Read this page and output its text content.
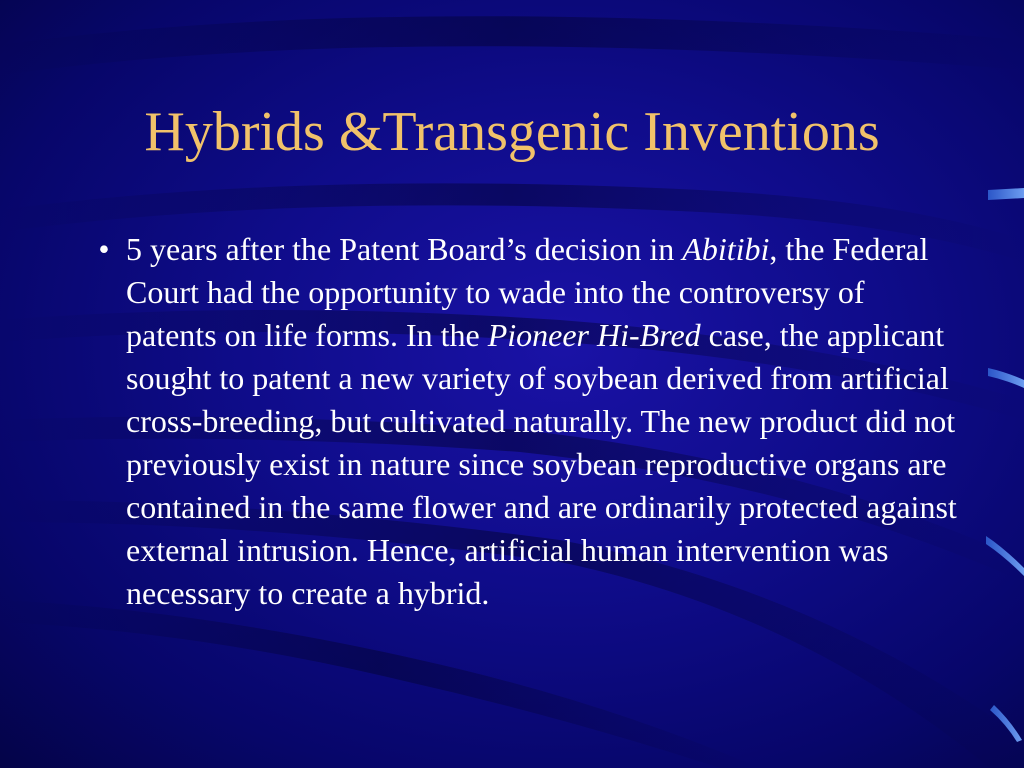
Hybrids &Transgenic Inventions
• 5 years after the Patent Board’s decision in Abitibi, the Federal Court had the opportunity to wade into the controversy of patents on life forms. In the Pioneer Hi-Bred case, the applicant sought to patent a new variety of soybean derived from artificial cross-breeding, but cultivated naturally. The new product did not previously exist in nature since soybean reproductive organs are contained in the same flower and are ordinarily protected against external intrusion. Hence, artificial human intervention was necessary to create a hybrid.
